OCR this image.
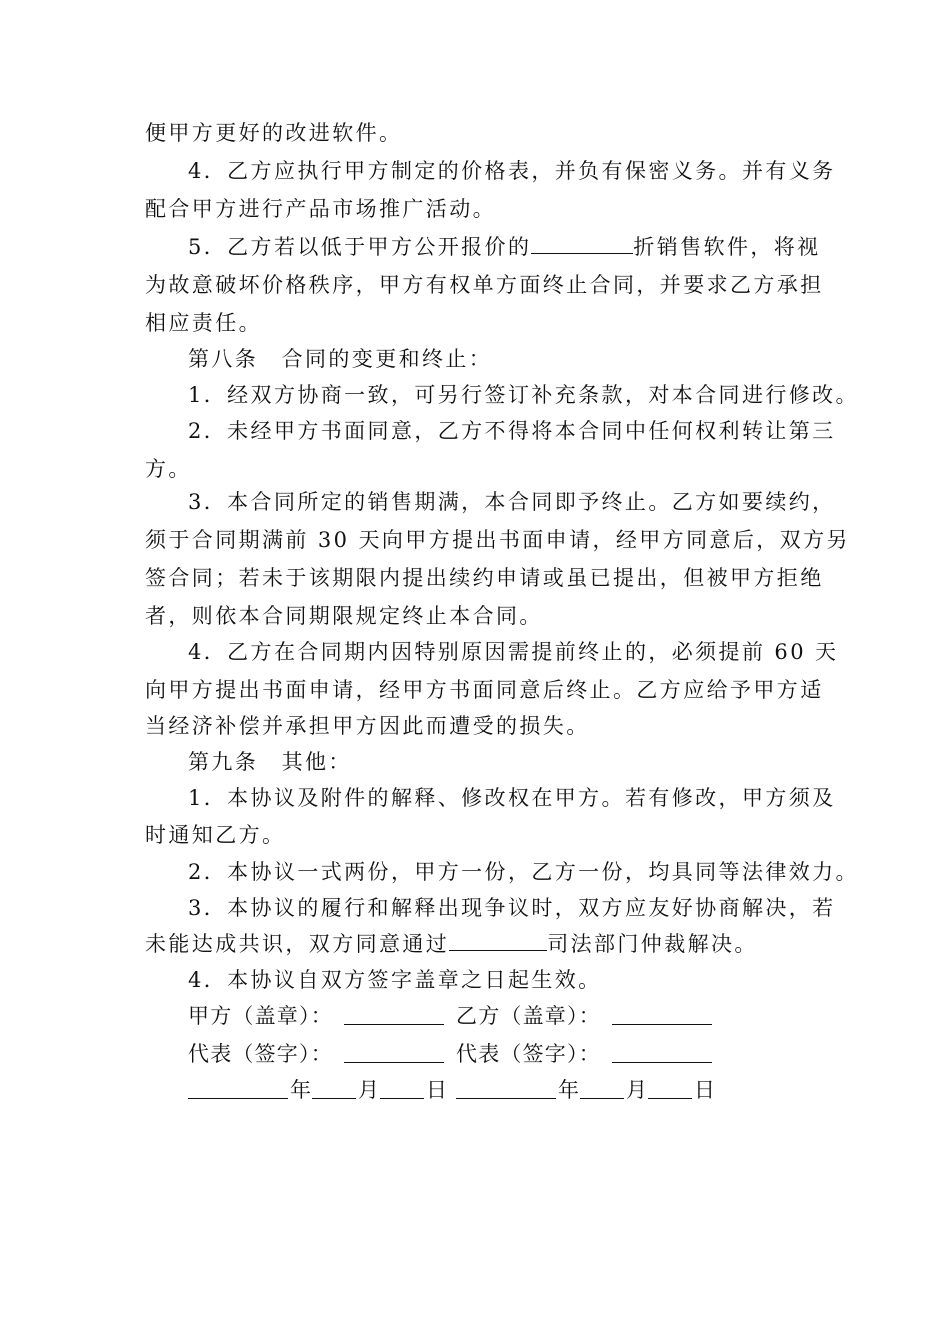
便甲方更好的改进软件。
4．乙方应执行甲方制定的价格表，并负有保密义务。并有义务
配合甲方进行产品市场推广活动。
5．乙方若以低于甲方公开报价的	折销售软件，将视
为故意破坏价格秩序，甲方有权单方面终止合同，并要求乙方承担
相应责任。
第八条　合同的变更和终止：
1．经双方协商一致，可另行签订补充条款，对本合同进行修改。
2．未经甲方书面同意，乙方不得将本合同中任何权利转让第三
方。
3．本合同所定的销售期满，本合同即予终止。乙方如要续约，
须于合同期满前 30 天向甲方提出书面申请，经甲方同意后，双方另
签合同；若未于该期限内提出续约申请或虽已提出，但被甲方拒绝
者，则依本合同期限规定终止本合同。
4．乙方在合同期内因特别原因需提前终止的，必须提前 60 天
向甲方提出书面申请，经甲方书面同意后终止。乙方应给予甲方适
当经济补偿并承担甲方因此而遭受的损失。
第九条　其他：
1．本协议及附件的解释、修改权在甲方。若有修改，甲方须及
时通知乙方。
2．本协议一式两份，甲方一份，乙方一份，均具同等法律效力。
3．本协议的履行和解释出现争议时，双方应友好协商解决，若
未能达成共识，双方同意通过	司法部门仲裁解决。
4．本协议自双方签字盖章之日起生效。
甲方（盖章）：	乙方（盖章）：
代表（签字）：	代表（签字）：
年 月 日	年 月 日
